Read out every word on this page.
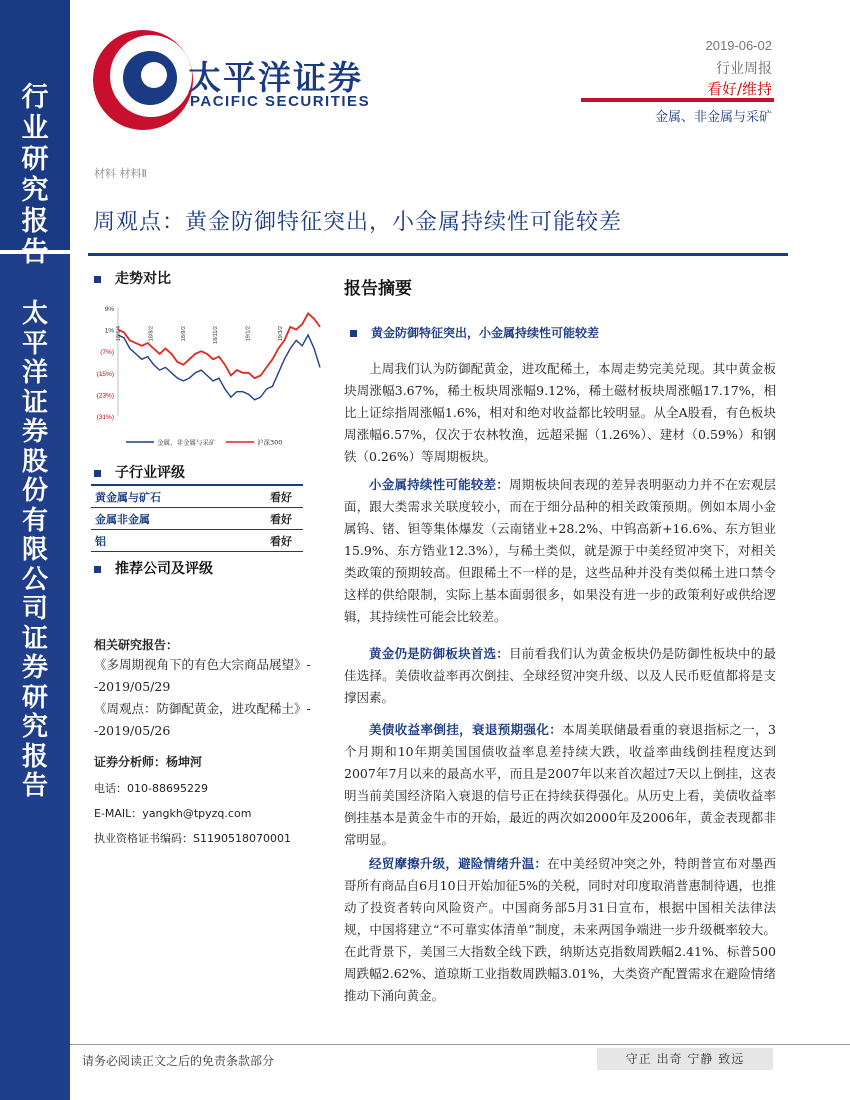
行业研究报告
太平洋证券股份有限公司证券研究报告
太平洋证券
PACIFIC SECURITIES
2019-06-02
行业周报
看好/维持
金属、非金属与采矿
材料 材料Ⅱ
周观点：黄金防御特征突出，小金属持续性可能较差
走势对比
9%
1%
(7%)
(15%)
(23%)
(31%)
18/6/4	18/8/2	18/9/2	18/11/2	19/1/2	19/3/2
金属、非金属与采矿	沪深300
子行业评级
黄金属与矿石	看好
金属非金属	看好
铝	看好
推荐公司及评级
相关研究报告：
《多周期视角下的有色大宗商品展望》--2019/05/29
《周观点：防御配黄金，进攻配稀土》--2019/05/26
证券分析师：杨坤河
电话：010-88695229
E-MAIL：yangkh@tpyzq.com
执业资格证书编码：S1190518070001
报告摘要
黄金防御特征突出，小金属持续性可能较差
上周我们认为防御配黄金，进攻配稀土，本周走势完美兑现。其中黄金板块周涨幅3.67%，稀土板块周涨幅9.12%，稀土磁材板块周涨幅17.17%，相比上证综指周涨幅1.6%，相对和绝对收益都比较明显。从全A股看，有色板块周涨幅6.57%，仅次于农林牧渔，远超采掘（1.26%）、建材（0.59%）和钢铁（0.26%）等周期板块。
小金属持续性可能较差：周期板块间表现的差异表明驱动力并不在宏观层面，跟大类需求关联度较小，而在于细分品种的相关政策预期。例如本周小金属钨、锗、钽等集体爆发（云南锗业+28.2%、中钨高新+16.6%、东方钽业15.9%、东方锆业12.3%），与稀土类似，就是源于中美经贸冲突下，对相关类政策的预期较高。但跟稀土不一样的是，这些品种并没有类似稀土进口禁令这样的供给限制，实际上基本面弱很多，如果没有进一步的政策利好或供给逻辑，其持续性可能会比较差。
黄金仍是防御板块首选：目前看我们认为黄金板块仍是防御性板块中的最佳选择。美债收益率再次倒挂、全球经贸冲突升级、以及人民币贬值都将是支撑因素。
美债收益率倒挂，衰退预期强化：本周美联储最看重的衰退指标之一，3个月期和10年期美国国债收益率息差持续大跌，收益率曲线倒挂程度达到2007年7月以来的最高水平，而且是2007年以来首次超过7天以上倒挂，这表明当前美国经济陷入衰退的信号正在持续获得强化。从历史上看，美债收益率倒挂基本是黄金牛市的开始，最近的两次如2000年及2006年，黄金表现都非常明显。
经贸摩擦升级，避险情绪升温：在中美经贸冲突之外，特朗普宣布对墨西哥所有商品自6月10日开始加征5%的关税，同时对印度取消普惠制待遇，也推动了投资者转向风险资产。中国商务部5月31日宣布，根据中国相关法律法规，中国将建立“不可靠实体清单”制度，未来两国争端进一步升级概率较大。在此背景下，美国三大指数全线下跌，纳斯达克指数周跌幅2.41%、标普500周跌幅2.62%、道琼斯工业指数周跌幅3.01%，大类资产配置需求在避险情绪推动下涌向黄金。
请务必阅读正文之后的免责条款部分	守正 出奇 宁静 致远
